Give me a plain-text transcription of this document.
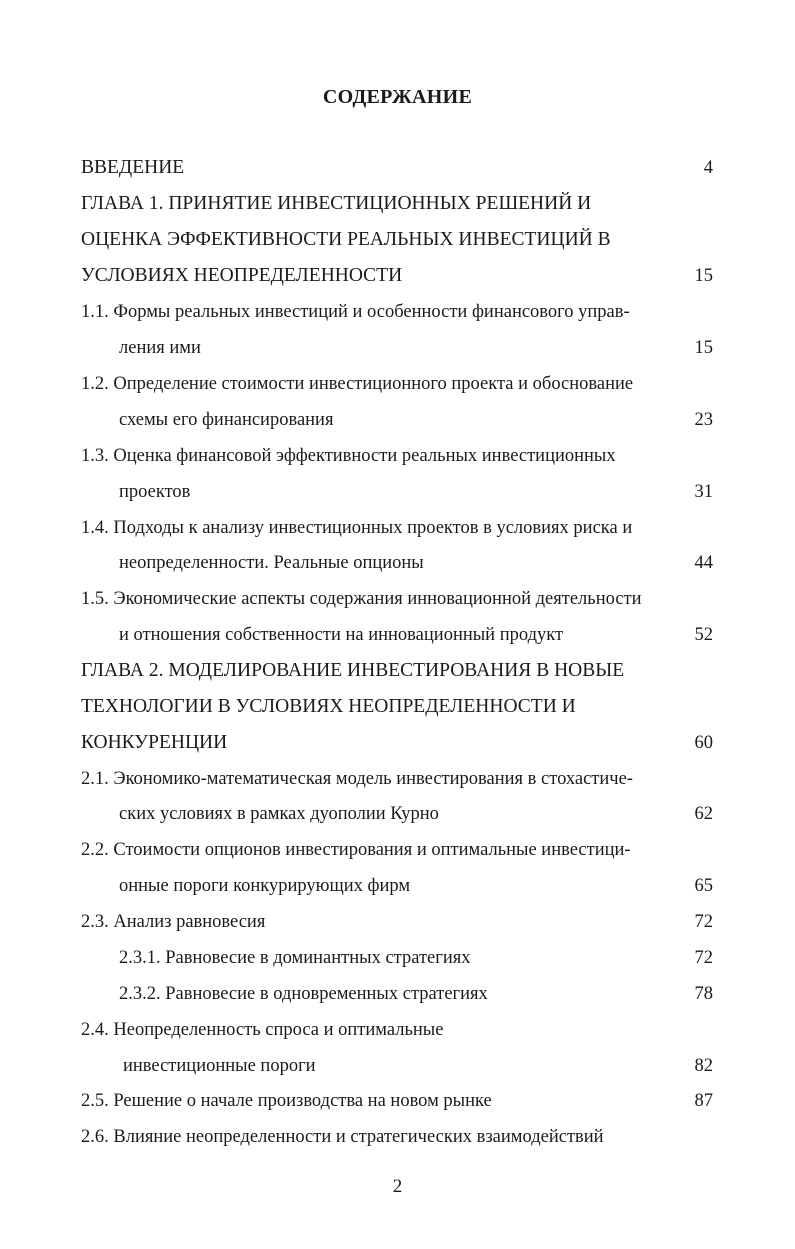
СОДЕРЖАНИЕ
ВВЕДЕНИЕ	4
ГЛАВА 1. ПРИНЯТИЕ ИНВЕСТИЦИОННЫХ РЕШЕНИЙ И
ОЦЕНКА ЭФФЕКТИВНОСТИ РЕАЛЬНЫХ ИНВЕСТИЦИЙ В
УСЛОВИЯХ НЕОПРЕДЕЛЕННОСТИ	15
1.1. Формы реальных инвестиций и особенности финансового управ-
ления ими	15
1.2. Определение стоимости инвестиционного проекта и обоснование
схемы его финансирования	23
1.3. Оценка финансовой эффективности реальных инвестиционных
проектов	31
1.4. Подходы к анализу инвестиционных проектов в условиях риска и
неопределенности. Реальные опционы	44
1.5. Экономические аспекты содержания инновационной деятельности
и отношения собственности на инновационный продукт	52
ГЛАВА 2. МОДЕЛИРОВАНИЕ ИНВЕСТИРОВАНИЯ В НОВЫЕ
ТЕХНОЛОГИИ В УСЛОВИЯХ НЕОПРЕДЕЛЕННОСТИ И
КОНКУРЕНЦИИ	60
2.1. Экономико-математическая модель инвестирования в стохастиче-
ских условиях в рамках дуополии Курно	62
2.2. Стоимости опционов инвестирования и оптимальные инвестици-
онные пороги конкурирующих фирм	65
2.3. Анализ равновесия	72
2.3.1. Равновесие в доминантных стратегиях	72
2.3.2. Равновесие в одновременных стратегиях	78
2.4. Неопределенность спроса и оптимальные
инвестиционные пороги	82
2.5. Решение о начале производства на новом рынке	87
2.6. Влияние неопределенности и стратегических взаимодействий
2
